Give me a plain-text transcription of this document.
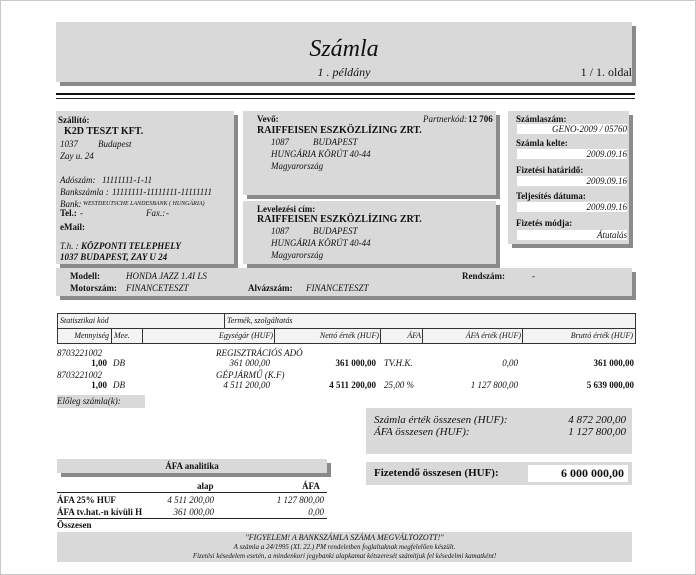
Számla
1 . példány	1 / 1. oldal
Szállító:
K2D TESZT KFT.
1037 Budapest
Zay u. 24
Adószám: 11111111-1-11
Bankszámla : 11111111-11111111-11111111
Bank: WESTDEUTSCHE LANDESBANK ( HUNGÁRIA)
Tel.: -	Fax.: -
eMail:
T.h. : KÖZPONTI TELEPHELY
1037 BUDAPEST, ZAY U 24
Vevő:	Partnerkód: 12 706
RAIFFEISEN ESZKÖZLÍZING ZRT.
1087	BUDAPEST
HUNGÁRIA KÖRÚT 40-44
Magyarország
Levelezési cím:
RAIFFEISEN ESZKÖZLÍZING ZRT.
1087	BUDAPEST
HUNGÁRIA KÖRÚT 40-44
Magyarország
Számlaszám:
GENO-2009 / 05760
Számla kelte:
2009.09.16
Fizetési határidő:
2009.09.16
Teljesítés dátuma:
2009.09.16
Fizetés módja:
Átutalás
Modell:	HONDA JAZZ 1.4I LS	Rendszám:	-
Motorszám: FINANCETESZT	Alvázszám: FINANCETESZT
Statisztikai kód	Termék, szolgáltatás
Mennyiség Mee.	Egységár (HUF)	Nettó érték (HUF)	ÁFA	ÁFA érték (HUF)	Bruttó érték (HUF)
8703221002	REGISZTRÁCIÓS ADÓ
1,00 DB	361 000,00	361 000,00 TV.H.K.	0,00	361 000,00
8703221002	GÉPJÁRMŰ (K.F)
1,00 DB	4 511 200,00	4 511 200,00 25,00 %	1 127 800,00	5 639 000,00
Előleg számla(k):
Számla érték összesen (HUF):	4 872 200,00
ÁFA összesen (HUF):	1 127 800,00
Fizetendő összesen (HUF):	6 000 000,00
ÁFA analitika
alap	ÁFA
ÁFA 25% HUF	4 511 200,00	1 127 800,00
ÁFA tv.hat.-n kívüli H	361 000,00	0,00
Összesen
"FIGYELEM! A BANKSZÁMLA SZÁMA MEGVÁLTOZOTT!"
A számla a 24/1995 (XI. 22.) PM rendeletben foglaltaknak megfelelően készült.
Fizetési késedelem esetén, a mindenkori jegybanki alapkamat kétszeresét számítjuk fel késedelmi kamatként!
